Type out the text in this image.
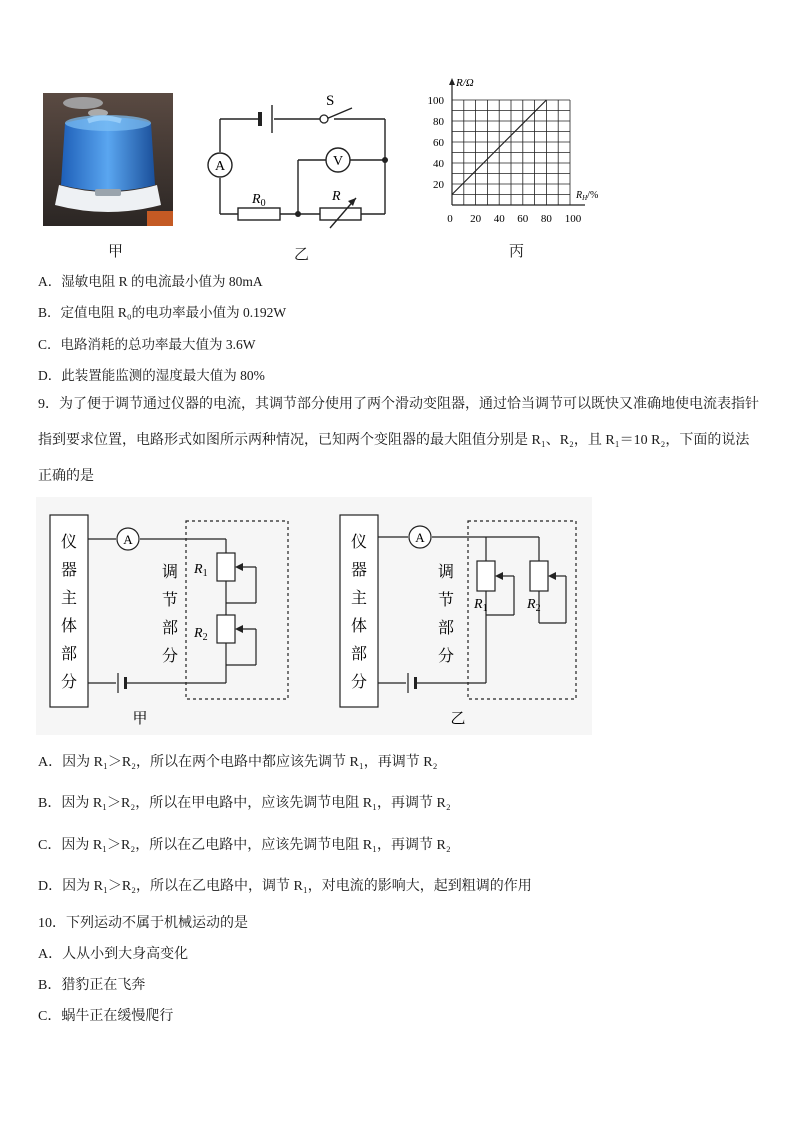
甲
A	V
S
$R_0$	R
乙
100
80
60
40
20
0 20 40 60 80 100
R/Ω
$R_H/\%$
丙
A．湿敏电阻 R 的电流最小值为 80mA
B．定值电阻 R₀的电功率最小值为 0.192W
C．电路消耗的总功率最大值为 3.6W
D．此装置能监测的湿度最大值为 80%
9．为了便于调节通过仪器的电流，其调节部分使用了两个滑动变阻器，通过恰当调节可以既快又准确地使电流表指针
指到要求位置，电路形式如图所示两种情况，已知两个变阻器的最大阻值分别是 R₁、R₂，且 R₁＝10 R₂，下面的说法
正确的是
A	A
仪
器
主
体
部
分
仪
器
主
体
部
分
调
节
部
分
调
节
部
分
$R_1$
$R_2$
$R_1$	$R_2$
甲	乙
A．因为 R₁＞R₂，所以在两个电路中都应该先调节 R₁，再调节 R₂
B．因为 R₁＞R₂，所以在甲电路中，应该先调节电阻 R₁，再调节 R₂
C．因为 R₁＞R₂，所以在乙电路中，应该先调节电阻 R₁，再调节 R₂
D．因为 R₁＞R₂，所以在乙电路中，调节 R₁，对电流的影响大，起到粗调的作用
10．下列运动不属于机械运动的是
A．人从小到大身高变化
B．猎豹正在飞奔
C．蜗牛正在缓慢爬行
